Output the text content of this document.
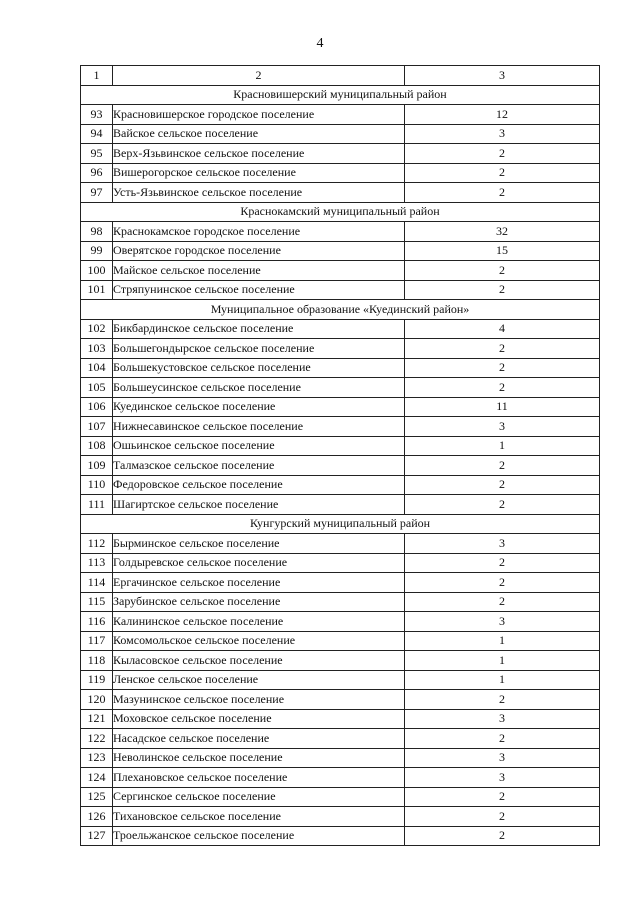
4
1	2	3
Красновишерский муниципальный район		
93	Красновишерское городское поселение	12
94	Вайское сельское поселение	3
95	Верх-Язьвинское сельское поселение	2
96	Вишерогорское сельское поселение	2
97	Усть-Язьвинское сельское поселение	2
Краснокамский муниципальный район		
98	Краснокамское городское поселение	32
99	Оверятское городское поселение	15
100	Майское сельское поселение	2
101	Стряпунинское сельское поселение	2
Муниципальное образование «Куединский район»		
102	Бикбардинское сельское поселение	4
103	Большегондырское сельское поселение	2
104	Большекустовское сельское поселение	2
105	Большеусинское сельское поселение	2
106	Куединское сельское поселение	11
107	Нижнесавинское сельское поселение	3
108	Ошьинское сельское поселение	1
109	Талмазское сельское поселение	2
110	Федоровское сельское поселение	2
111	Шагиртское сельское поселение	2
Кунгурский муниципальный район		
112	Бырминское сельское поселение	3
113	Голдыревское сельское поселение	2
114	Ергачинское сельское поселение	2
115	Зарубинское сельское поселение	2
116	Калининское сельское поселение	3
117	Комсомольское сельское поселение	1
118	Кыласовское сельское поселение	1
119	Ленское сельское поселение	1
120	Мазунинское сельское поселение	2
121	Моховское сельское поселение	3
122	Насадское сельское поселение	2
123	Неволинское сельское поселение	3
124	Плехановское сельское поселение	3
125	Сергинское сельское поселение	2
126	Тихановское сельское поселение	2
127	Троельжанское сельское поселение	2
